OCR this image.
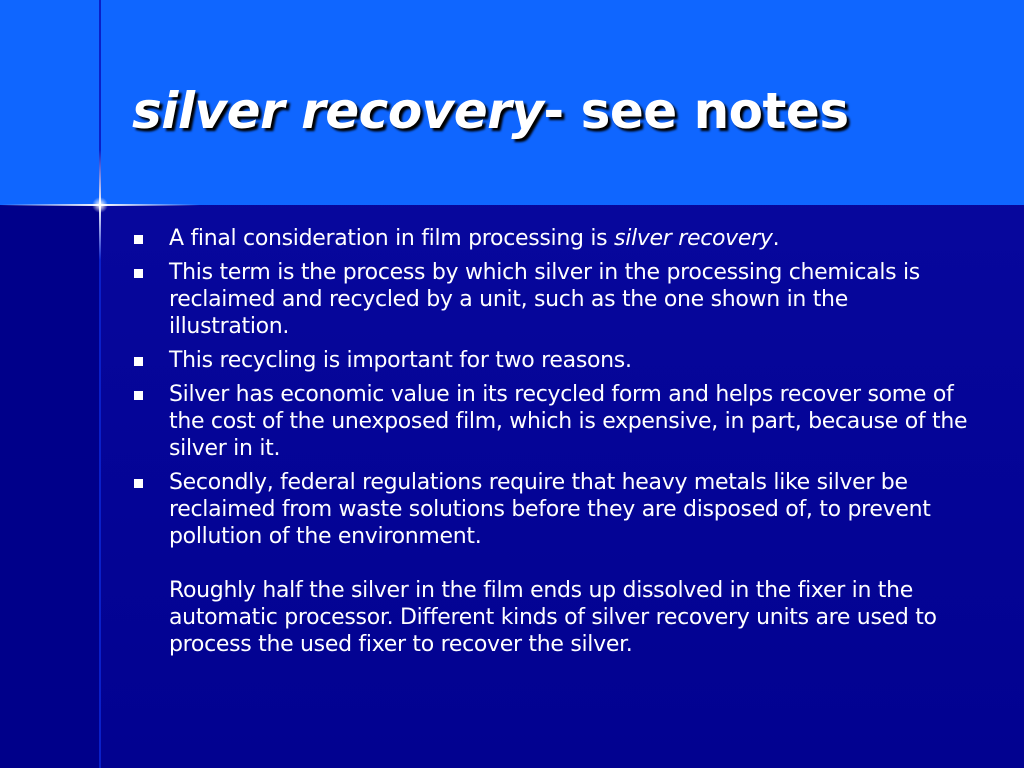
silver recovery- see notes

A final consideration in film processing is silver recovery.

This term is the process by which silver in the processing chemicals is reclaimed and recycled by a unit, such as the one shown in the illustration.

This recycling is important for two reasons.

Silver has economic value in its recycled form and helps recover some of the cost of the unexposed film, which is expensive, in part, because of the silver in it.

Secondly, federal regulations require that heavy metals like silver be reclaimed from waste solutions before they are disposed of, to prevent pollution of the environment.

Roughly half the silver in the film ends up dissolved in the fixer in the automatic processor. Different kinds of silver recovery units are used to process the used fixer to recover the silver.
